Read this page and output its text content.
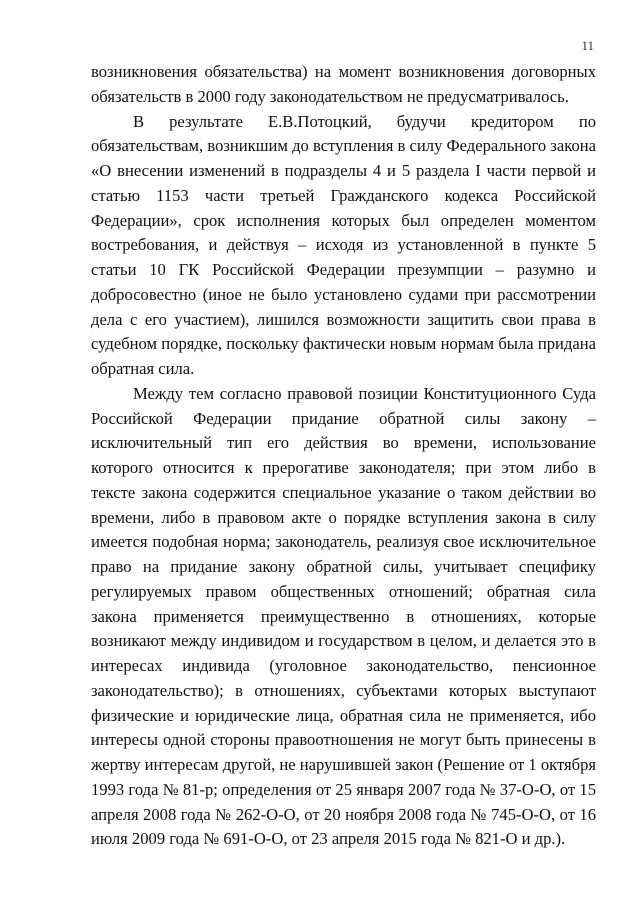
11

возникновения обязательства) на момент возникновения договорных обязательств в 2000 году законодательством не предусматривалось.

В результате Е.В.Потоцкий, будучи кредитором по обязательствам, возникшим до вступления в силу Федерального закона «О внесении изменений в подразделы 4 и 5 раздела I части первой и статью 1153 части третьей Гражданского кодекса Российской Федерации», срок исполнения которых был определен моментом востребования, и действуя – исходя из установленной в пункте 5 статьи 10 ГК Российской Федерации презумпции – разумно и добросовестно (иное не было установлено судами при рассмотрении дела с его участием), лишился возможности защитить свои права в судебном порядке, поскольку фактически новым нормам была придана обратная сила.

Между тем согласно правовой позиции Конституционного Суда Российской Федерации придание обратной силы закону – исключительный тип его действия во времени, использование которого относится к прерогативе законодателя; при этом либо в тексте закона содержится специальное указание о таком действии во времени, либо в правовом акте о порядке вступления закона в силу имеется подобная норма; законодатель, реализуя свое исключительное право на придание закону обратной силы, учитывает специфику регулируемых правом общественных отношений; обратная сила закона применяется преимущественно в отношениях, которые возникают между индивидом и государством в целом, и делается это в интересах индивида (уголовное законодательство, пенсионное законодательство); в отношениях, субъектами которых выступают физические и юридические лица, обратная сила не применяется, ибо интересы одной стороны правоотношения не могут быть принесены в жертву интересам другой, не нарушившей закон (Решение от 1 октября 1993 года № 81-р; определения от 25 января 2007 года № 37-О-О, от 15 апреля 2008 года № 262-О-О, от 20 ноября 2008 года № 745-О-О, от 16 июля 2009 года № 691-О-О, от 23 апреля 2015 года № 821-О и др.).
